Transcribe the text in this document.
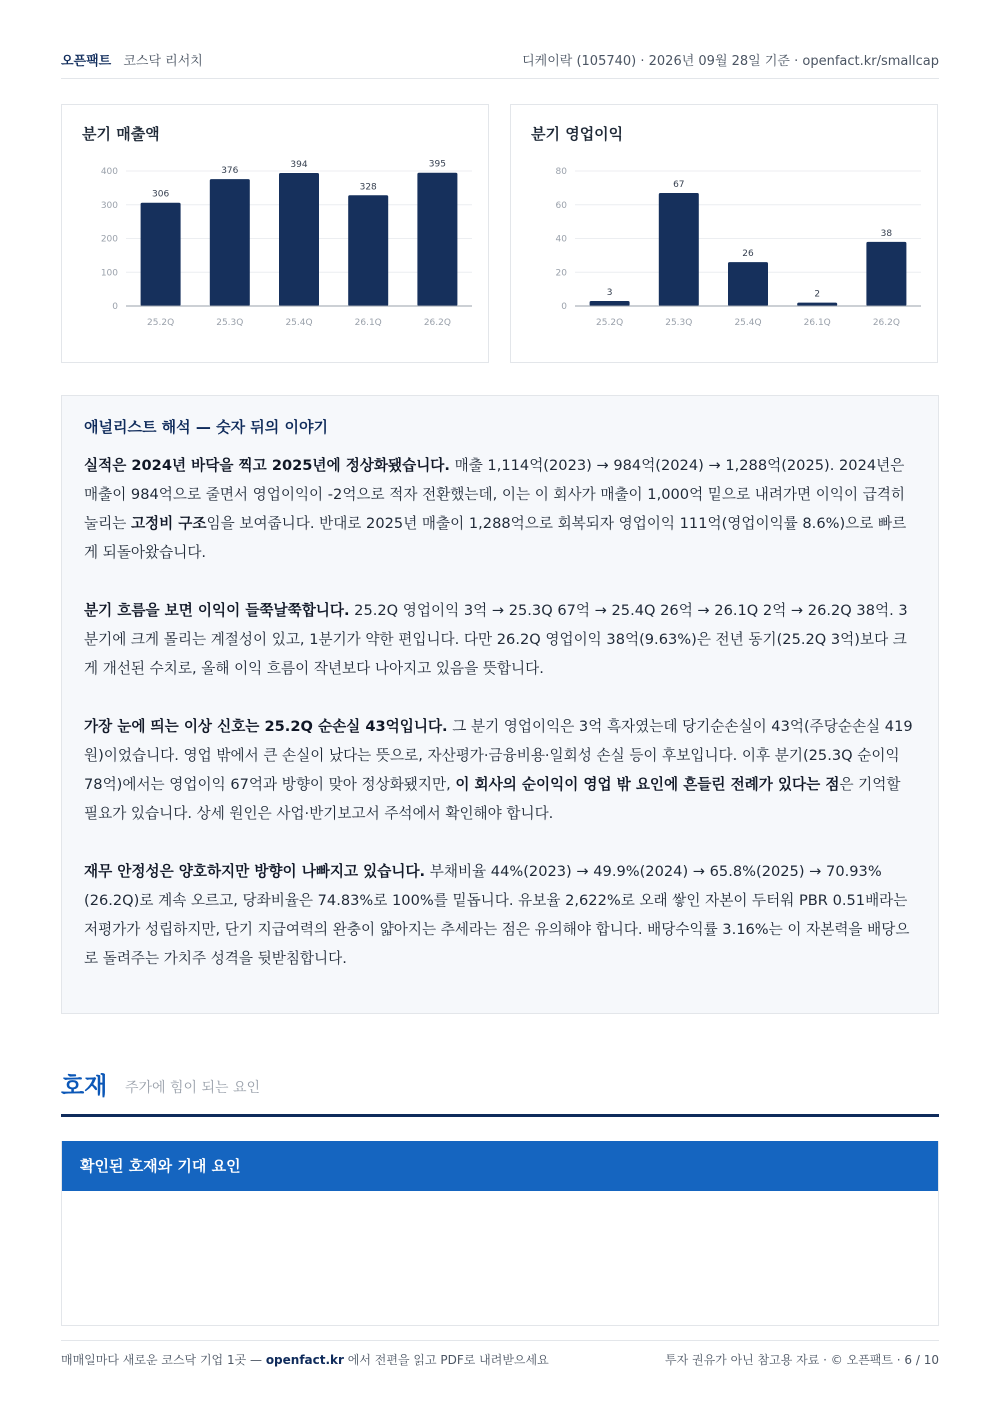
오픈팩트 코스닥 리서치	디케이락 (105740) · 2026년 09월 28일 기준 · openfact.kr/smallcap
분기 매출액
0
100
200
300
400
306
25.2Q
376
25.3Q
394
25.4Q
328
26.1Q
395
26.2Q
분기 영업이익
0
20
40
60
80
3
25.2Q
67
25.3Q
26
25.4Q
2
26.1Q
38
26.2Q
애널리스트 해석 — 숫자 뒤의 이야기

실적은 2024년 바닥을 찍고 2025년에 정상화됐습니다. 매출 1,114억(2023) → 984억(2024) → 1,288억(2025). 2024년은 매출이 984억으로 줄면서 영업이익이 -2억으로 적자 전환했는데, 이는 이 회사가 매출이 1,000억 밑으로 내려가면 이익이 급격히 눌리는 고정비 구조임을 보여줍니다. 반대로 2025년 매출이 1,288억으로 회복되자 영업이익 111억(영업이익률 8.6%)으로 빠르게 되돌아왔습니다.

분기 흐름을 보면 이익이 들쭉날쭉합니다. 25.2Q 영업이익 3억 → 25.3Q 67억 → 25.4Q 26억 → 26.1Q 2억 → 26.2Q 38억. 3분기에 크게 몰리는 계절성이 있고, 1분기가 약한 편입니다. 다만 26.2Q 영업이익 38억(9.63%)은 전년 동기(25.2Q 3억)보다 크게 개선된 수치로, 올해 이익 흐름이 작년보다 나아지고 있음을 뜻합니다.

가장 눈에 띄는 이상 신호는 25.2Q 순손실 43억입니다. 그 분기 영업이익은 3억 흑자였는데 당기순손실이 43억(주당순손실 419원)이었습니다. 영업 밖에서 큰 손실이 났다는 뜻으로, 자산평가·금융비용·일회성 손실 등이 후보입니다. 이후 분기(25.3Q 순이익 78억)에서는 영업이익 67억과 방향이 맞아 정상화됐지만, 이 회사의 순이익이 영업 밖 요인에 흔들린 전례가 있다는 점은 기억할 필요가 있습니다. 상세 원인은 사업·반기보고서 주석에서 확인해야 합니다.

재무 안정성은 양호하지만 방향이 나빠지고 있습니다. 부채비율 44%(2023) → 49.9%(2024) → 65.8%(2025) → 70.93%(26.2Q)로 계속 오르고, 당좌비율은 74.83%로 100%를 밑돕니다. 유보율 2,622%로 오래 쌓인 자본이 두터워 PBR 0.51배라는 저평가가 성립하지만, 단기 지급여력의 완충이 얇아지는 추세라는 점은 유의해야 합니다. 배당수익률 3.16%는 이 자본력을 배당으로 돌려주는 가치주 성격을 뒷받침합니다.

호재 주가에 힘이 되는 요인
확인된 호재와 기대 요인
매매일마다 새로운 코스닥 기업 1곳 — openfact.kr 에서 전편을 읽고 PDF로 내려받으세요	투자 권유가 아닌 참고용 자료 · © 오픈팩트 · 6 / 10
